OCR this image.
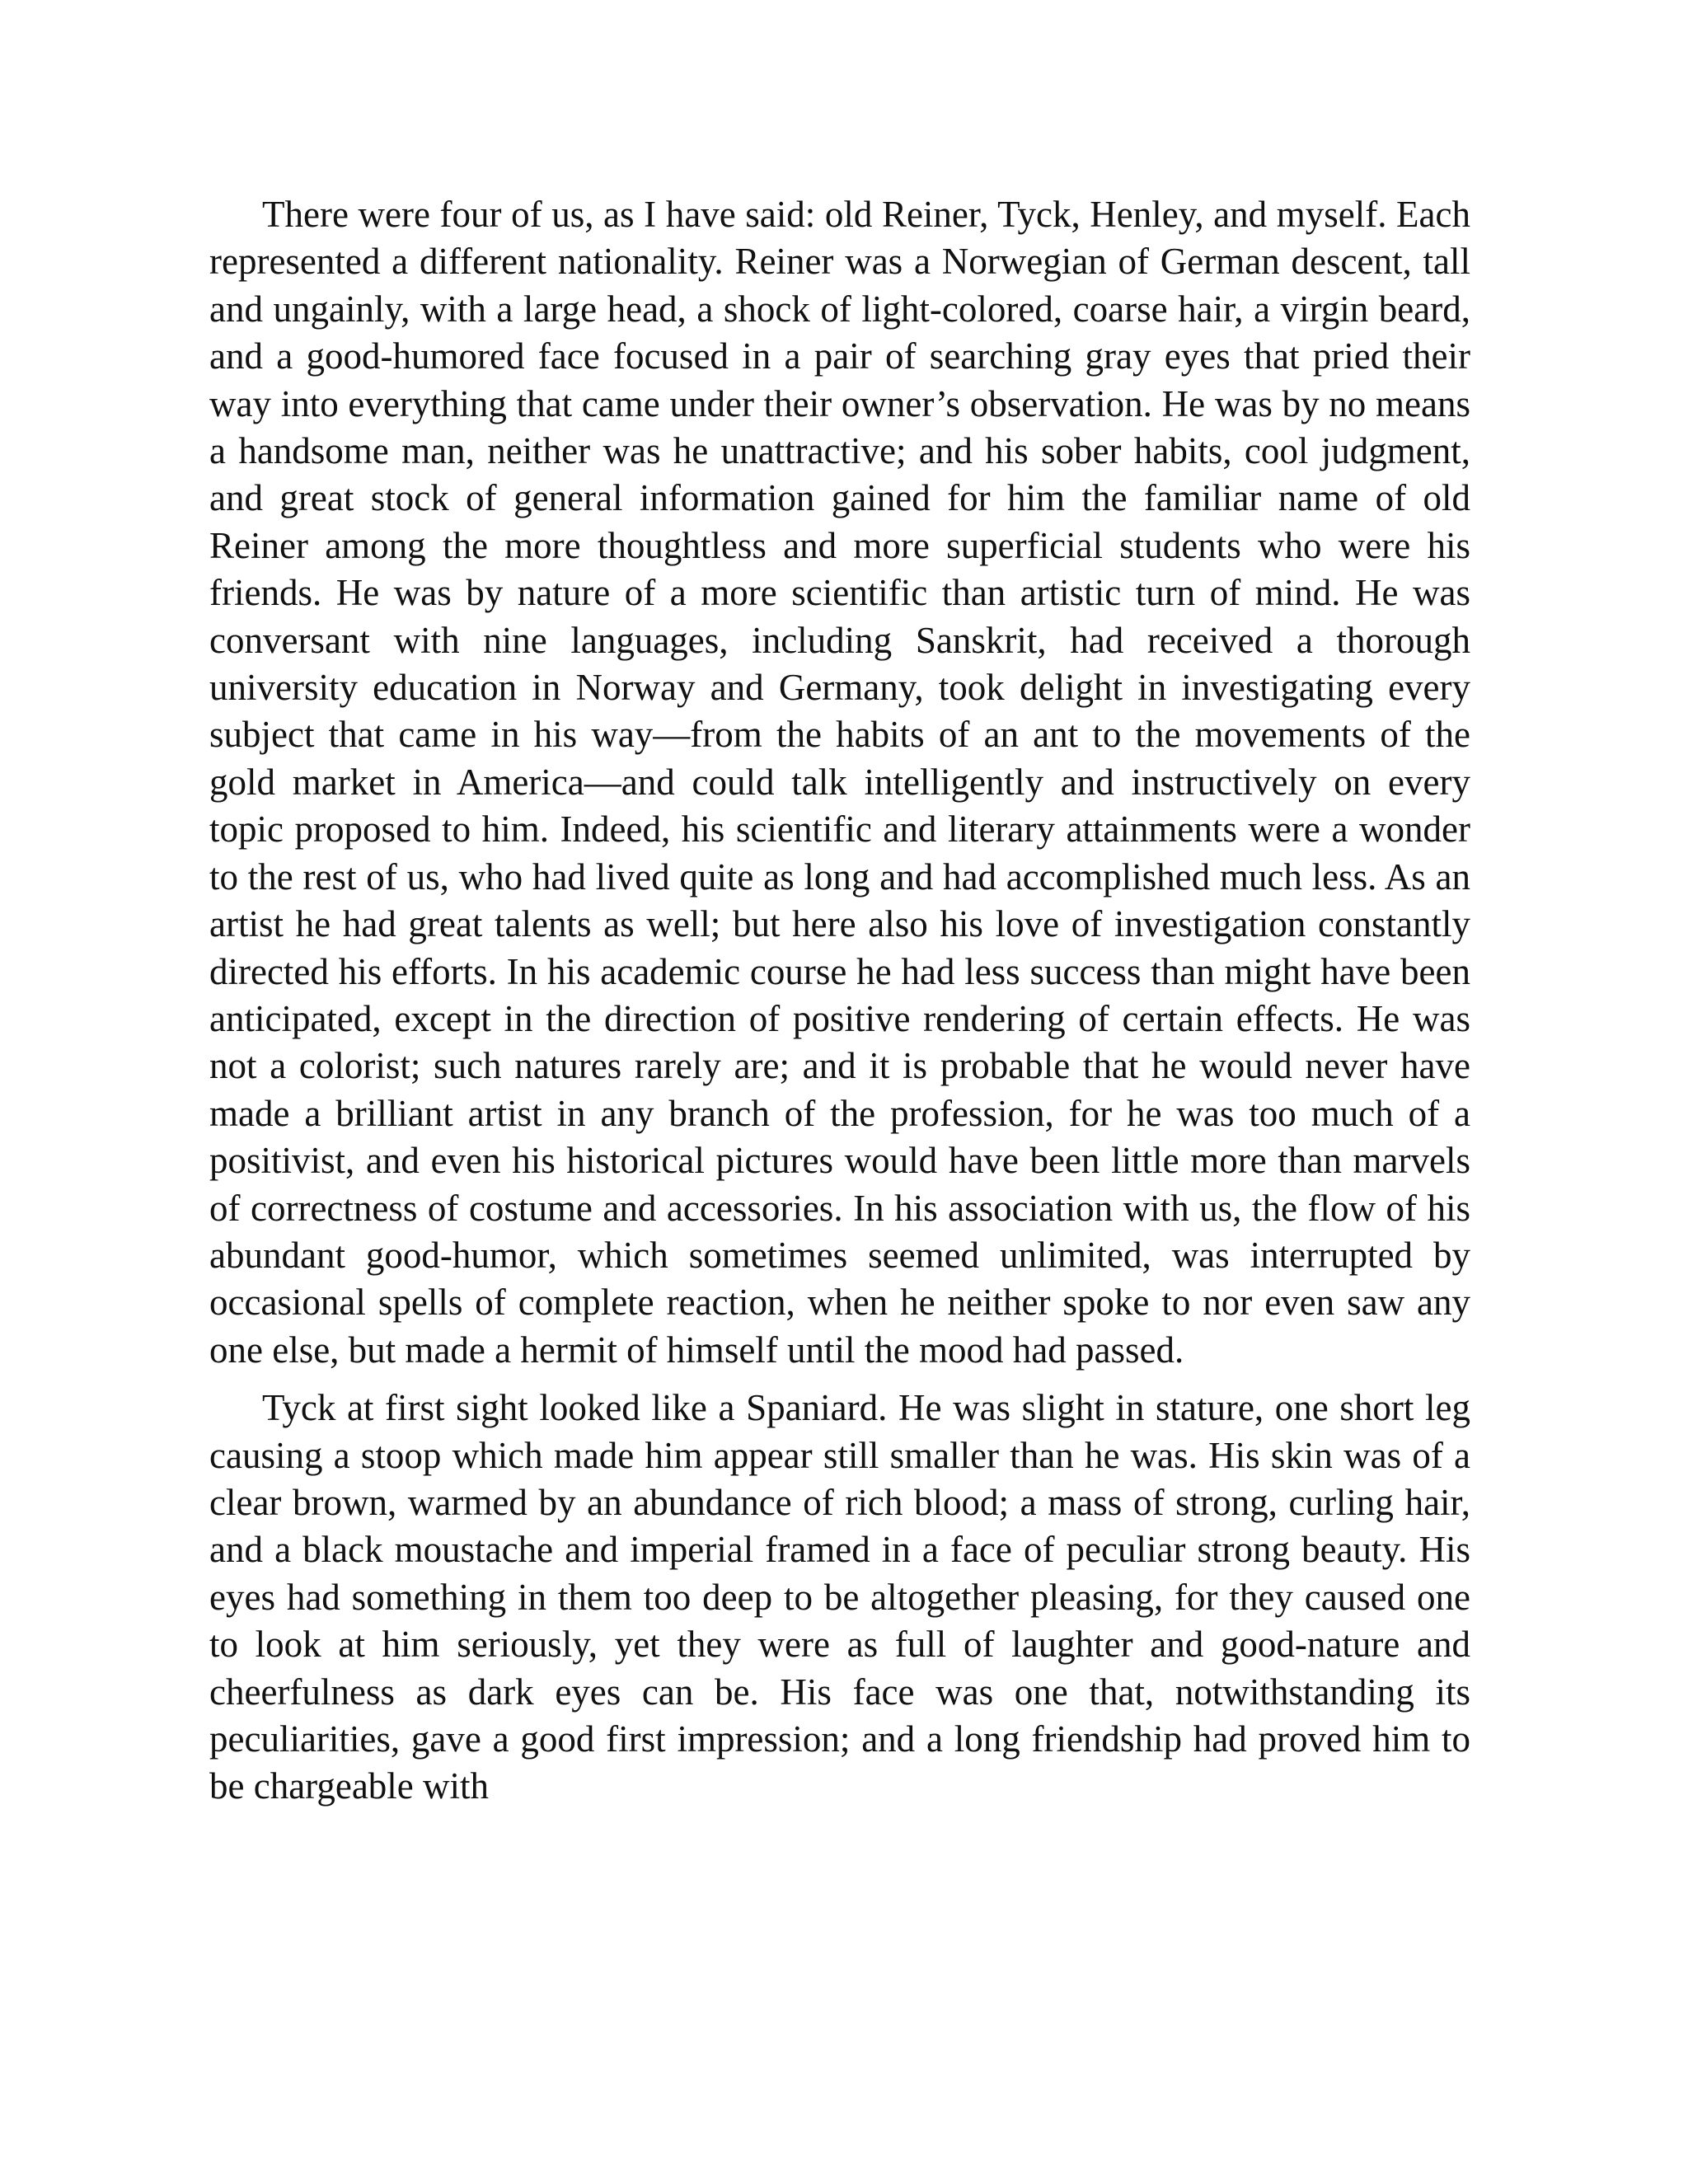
There were four of us, as I have said: old Reiner, Tyck, Henley, and myself. Each represented a different nationality. Reiner was a Norwegian of German descent, tall and ungainly, with a large head, a shock of light-colored, coarse hair, a virgin beard, and a good-humored face focused in a pair of searching gray eyes that pried their way into everything that came under their owner’s observation. He was by no means a handsome man, neither was he unattractive; and his sober habits, cool judgment, and great stock of general information gained for him the familiar name of old Reiner among the more thoughtless and more superficial students who were his friends. He was by nature of a more scientific than artistic turn of mind. He was conversant with nine languages, including Sanskrit, had received a thorough university education in Norway and Germany, took delight in investigating every subject that came in his way—from the habits of an ant to the movements of the gold market in America—and could talk intelligently and instructively on every topic proposed to him. Indeed, his scientific and literary attainments were a wonder to the rest of us, who had lived quite as long and had accomplished much less. As an artist he had great talents as well; but here also his love of investigation constantly directed his efforts. In his academic course he had less success than might have been anticipated, except in the direction of positive rendering of certain effects. He was not a colorist; such natures rarely are; and it is probable that he would never have made a brilliant artist in any branch of the profession, for he was too much of a positivist, and even his historical pictures would have been little more than marvels of correctness of costume and accessories. In his association with us, the flow of his abundant good-humor, which sometimes seemed unlimited, was interrupted by occasional spells of complete reaction, when he neither spoke to nor even saw any one else, but made a hermit of himself until the mood had passed.

Tyck at first sight looked like a Spaniard. He was slight in stature, one short leg causing a stoop which made him appear still smaller than he was. His skin was of a clear brown, warmed by an abundance of rich blood; a mass of strong, curling hair, and a black moustache and imperial framed in a face of peculiar strong beauty. His eyes had something in them too deep to be altogether pleasing, for they caused one to look at him seriously, yet they were as full of laughter and good-nature and cheerfulness as dark eyes can be. His face was one that, notwithstanding its peculiarities, gave a good first impression; and a long friendship had proved him to be chargeable with
